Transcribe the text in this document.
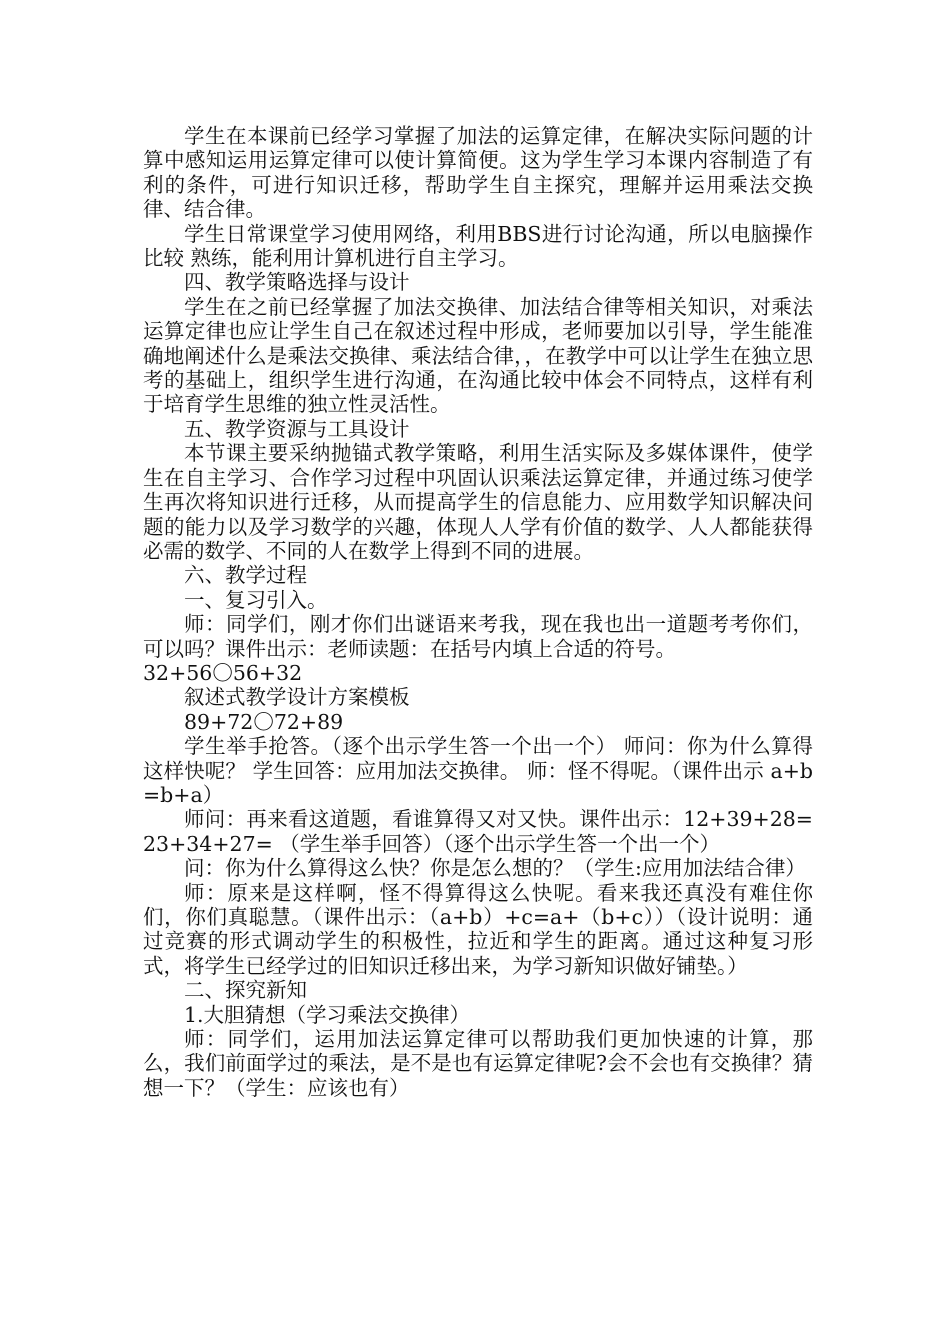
学生在本课前已经学习掌握了加法的运算定律，在解决实际问题的计算中感知运用运算定律可以使计算简便。这为学生学习本课内容制造了有利的条件，可进行知识迁移，帮助学生自主探究，理解并运用乘法交换律、结合律。

学生日常课堂学习使用网络，利用BBS进行讨论沟通，所以电脑操作比较 熟练，能利用计算机进行自主学习。

四、教学策略选择与设计

学生在之前已经掌握了加法交换律、加法结合律等相关知识，对乘法运算定律也应让学生自己在叙述过程中形成，老师要加以引导，学生能准确地阐述什么是乘法交换律、乘法结合律，，在教学中可以让学生在独立思考的基础上，组织学生进行沟通，在沟通比较中体会不同特点，这样有利于培育学生思维的独立性灵活性。

五、教学资源与工具设计

本节课主要采纳抛锚式教学策略，利用生活实际及多媒体课件，使学生在自主学习、合作学习过程中巩固认识乘法运算定律，并通过练习使学生再次将知识进行迁移，从而提高学生的信息能力、应用数学知识解决问题的能力以及学习数学的兴趣，体现人人学有价值的数学、人人都能获得必需的数学、不同的人在数学上得到不同的进展。

六、教学过程

一、复习引入。

师：同学们，刚才你们出谜语来考我，现在我也出一道题考考你们，可以吗？课件出示：老师读题：在括号内填上合适的符号。

32+56〇56+32

叙述式教学设计方案模板

89+72〇72+89

学生举手抢答。（逐个出示学生答一个出一个） 师问：你为什么算得这样快呢？ 学生回答：应用加法交换律。 师：怪不得呢。（课件出示 a+b=b+a）

师问：再来看这道题，看谁算得又对又快。课件出示：12+39+28= 23+34+27= （学生举手回答）（逐个出示学生答一个出一个）

问：你为什么算得这么快？你是怎么想的？（学生:应用加法结合律）

师：原来是这样啊，怪不得算得这么快呢。看来我还真没有难住你们，你们真聪慧。（课件出示：（a+b）+c=a+（b+c））（设计说明：通过竞赛的形式调动学生的积极性，拉近和学生的距离。通过这种复习形式，将学生已经学过的旧知识迁移出来，为学习新知识做好铺垫。）

二、探究新知

1.大胆猜想（学习乘法交换律）

师：同学们，运用加法运算定律可以帮助我们更加快速的计算，那么，我们前面学过的乘法，是不是也有运算定律呢?会不会也有交换律？猜想一下？（学生：应该也有）
